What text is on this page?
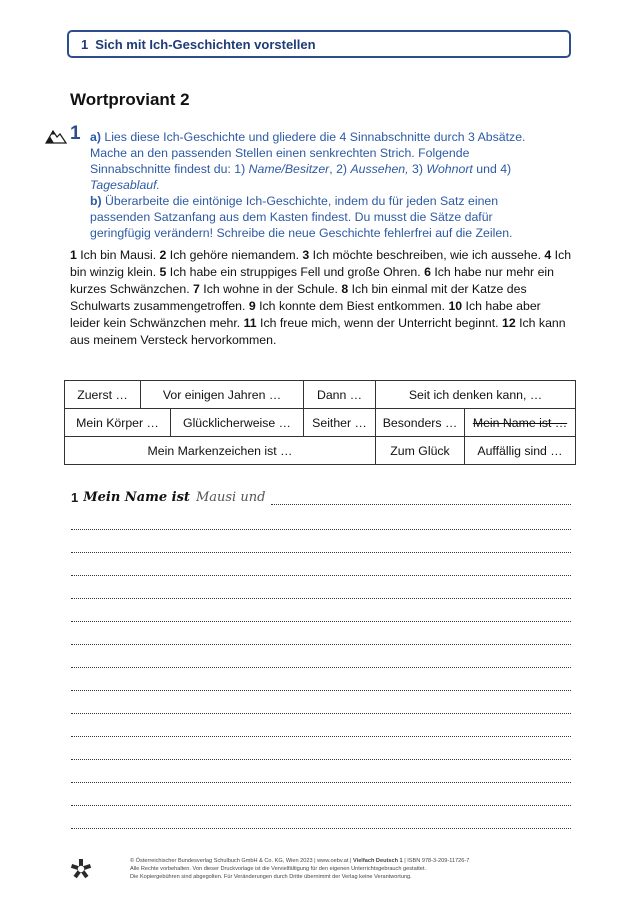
1 Sich mit Ich-Geschichten vorstellen
Wortproviant 2
1 a) Lies diese Ich-Geschichte und gliedere die 4 Sinnabschnitte durch 3 Absätze.

Mache an den passenden Stellen einen senkrechten Strich. Folgende

Sinnabschnitte findest du: 1) Name/Besitzer, 2) Aussehen, 3) Wohnort und 4)

Tagesablauf.

b) Überarbeite die eintönige Ich-Geschichte, indem du für jeden Satz einen

passenden Satzanfang aus dem Kasten findest. Du musst die Sätze dafür

geringfügig verändern! Schreibe die neue Geschichte fehlerfrei auf die Zeilen.

1 Ich bin Mausi. 2 Ich gehöre niemandem. 3 Ich möchte beschreiben, wie ich aussehe. 4 Ich bin winzig klein. 5 Ich habe ein struppiges Fell und große Ohren. 6 Ich habe nur mehr ein kurzes Schwänzchen. 7 Ich wohne in der Schule. 8 Ich bin einmal mit der Katze des Schulwarts zusammengetroffen. 9 Ich konnte dem Biest entkommen. 10 Ich habe aber leider kein Schwänzchen mehr. 11 Ich freue mich, wenn der Unterricht beginnt. 12 Ich kann aus meinem Versteck hervorkommen.
Zuerst …	Vor einigen Jahren …		Dann …	Seit ich denken kann, …	
Mein Körper …		Glücklicherweise …	Seither …	Besonders …	Mein Name ist …
Mein Markenzeichen ist …				Zum Glück	Auffällig sind …
1 Mein Name ist Mausi und
© Österreichischer Bundesverlag Schulbuch GmbH & Co. KG, Wien 2023 | www.oebv.at | Vielfach Deutsch 1 | ISBN 978-3-209-11726-7
Alle Rechte vorbehalten. Von dieser Druckvorlage ist die Vervielfältigung für den eigenen Unterrichtsgebrauch gestattet.
Die Kopiergebühren sind abgegolten. Für Veränderungen durch Dritte übernimmt der Verlag keine Verantwortung.
